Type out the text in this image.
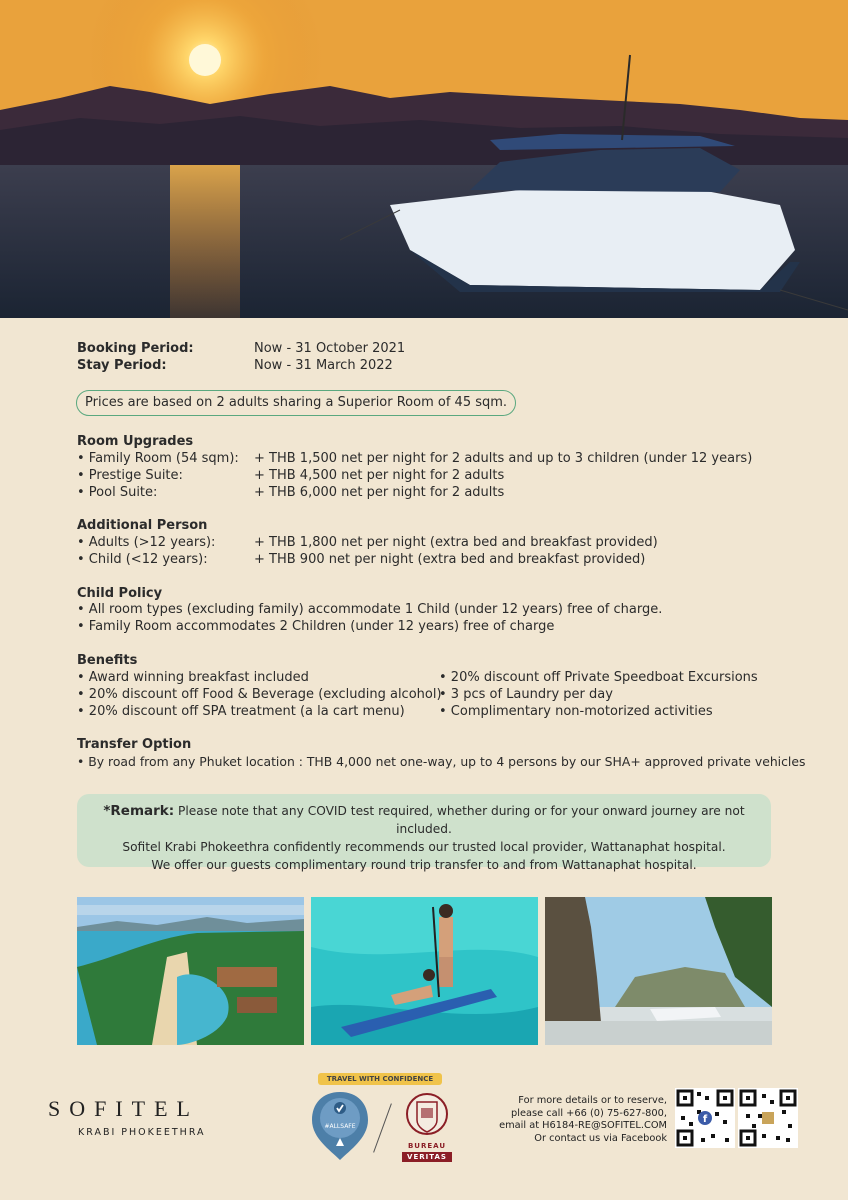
Booking Period:	Now - 31 October 2021
Stay Period:	Now - 31 March 2022
Prices are based on 2 adults sharing a Superior Room of 45 sqm.
Room Upgrades
• Family Room (54 sqm): + THB 1,500 net per night for 2 adults and up to 3 children (under 12 years)
• Prestige Suite:	+ THB 4,500 net per night for 2 adults
• Pool Suite:	+ THB 6,000 net per night for 2 adults
Additional Person
• Adults (>12 years):	+ THB 1,800 net per night (extra bed and breakfast provided)
• Child (<12 years):	+ THB 900 net per night (extra bed and breakfast provided)
Child Policy
• All room types (excluding family) accommodate 1 Child (under 12 years) free of charge.
• Family Room accommodates 2 Children (under 12 years) free of charge
Benefits
• Award winning breakfast included
• 20% discount off Food & Beverage (excluding alcohol)
• 20% discount off SPA treatment (a la cart menu)
• 20% discount off Private Speedboat Excursions
• 3 pcs of Laundry per day
• Complimentary non-motorized activities
Transfer Option
• By road from any Phuket location : THB 4,000 net one-way, up to 4 persons by our SHA+ approved private vehicles
*Remark: Please note that any COVID test required, whether during or for your onward journey are not included.
Sofitel Krabi Phokeethra confidently recommends our trusted local provider, Wattanaphat hospital.
We offer our guests complimentary round trip transfer to and from Wattanaphat hospital.
SOFITEL
KRABI PHOKEETHRA
TRAVEL WITH CONFIDENCE
#ALLSAFE
BUREAU
VERITAS
For more details or to reserve,
please call +66 (0) 75-627-800,
email at H6184-RE@SOFITEL.COM
Or contact us via Facebook
f
